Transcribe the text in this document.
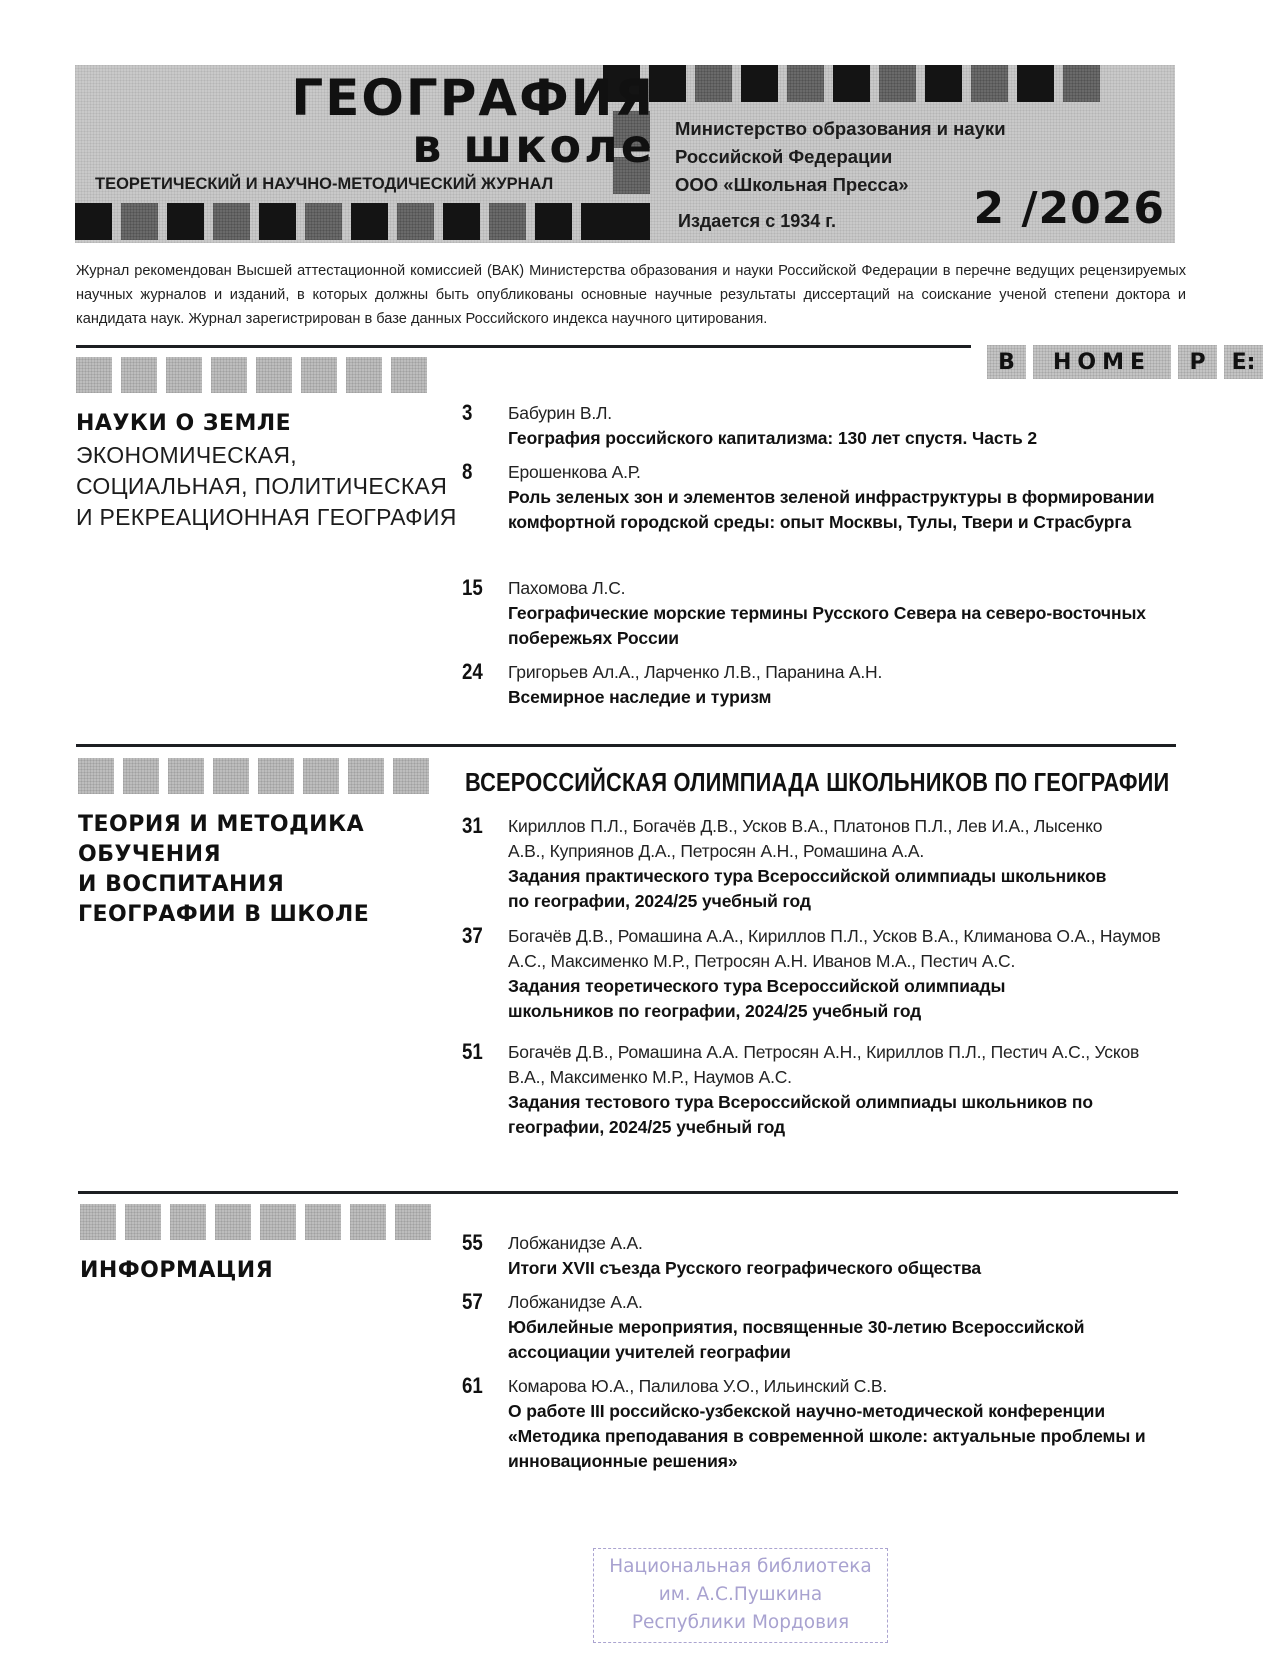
ГЕОГРАФИЯ
в школе
ТЕОРЕТИЧЕСКИЙ И НАУЧНО-МЕТОДИЧЕСКИЙ ЖУРНАЛ
Министерство образования и науки
Российской Федерации
ООО «Школьная Пресса»
Издается с 1934 г.	2 /2026
Журнал рекомендован Высшей аттестационной комиссией (ВАК) Министерства образования и науки Российской Федерации в перечне ведущих рецензируемых научных журналов и изданий, в которых должны быть опубликованы основные научные результаты диссертаций на соискание ученой степени доктора и кандидата наук. Журнал зарегистрирован в базе данных Российского индекса научного цитирования.
В	НОМЕ	Р	Е:
НАУКИ О ЗЕМЛЕ
ЭКОНОМИЧЕСКАЯ,
СОЦИАЛЬНАЯ, ПОЛИТИЧЕСКАЯ
И РЕКРЕАЦИОННАЯ ГЕОГРАФИЯ
3	Бабурин В.Л.
География российского капитализма: 130 лет спустя. Часть 2
8	Ерошенкова А.Р.
Роль зеленых зон и элементов зеленой инфраструктуры в формировании комфортной городской среды: опыт Москвы, Тулы, Твери и Страсбурга
15	Пахомова Л.С.
Географические морские термины Русского Севера на северо-восточных побережьях России
24	Григорьев Ал.А., Ларченко Л.В., Паранина А.Н.
Всемирное наследие и туризм
ВСЕРОССИЙСКАЯ ОЛИМПИАДА ШКОЛЬНИКОВ ПО ГЕОГРАФИИ
ТЕОРИЯ И МЕТОДИКА
ОБУЧЕНИЯ
И ВОСПИТАНИЯ
ГЕОГРАФИИ В ШКОЛЕ
31	Кириллов П.Л., Богачёв Д.В., Усков В.А., Платонов П.Л., Лев И.А., Лысенко А.В., Куприянов Д.А., Петросян А.Н., Ромашина А.А.
Задания практического тура Всероссийской олимпиады школьников по географии, 2024/25 учебный год
37	Богачёв Д.В., Ромашина А.А., Кириллов П.Л., Усков В.А., Климанова О.А., Наумов А.С., Максименко М.Р., Петросян А.Н. Иванов М.А., Пестич А.С.
Задания теоретического тура Всероссийской олимпиады школьников по географии, 2024/25 учебный год
51	Богачёв Д.В., Ромашина А.А. Петросян А.Н., Кириллов П.Л., Пестич А.С., Усков В.А., Максименко М.Р., Наумов А.С.
Задания тестового тура Всероссийской олимпиады школьников по географии, 2024/25 учебный год
ИНФОРМАЦИЯ
55	Лобжанидзе А.А.
Итоги XVII съезда Русского географического общества
57	Лобжанидзе А.А.
Юбилейные мероприятия, посвященные 30-летию Всероссийской ассоциации учителей географии
61	Комарова Ю.А., Палилова У.О., Ильинский С.В.
О работе III российско-узбекской научно-методической конференции «Методика преподавания в современной школе: актуальные проблемы и инновационные решения»
Национальная библиотека
им. А.С.Пушкина
Республики Мордовия
